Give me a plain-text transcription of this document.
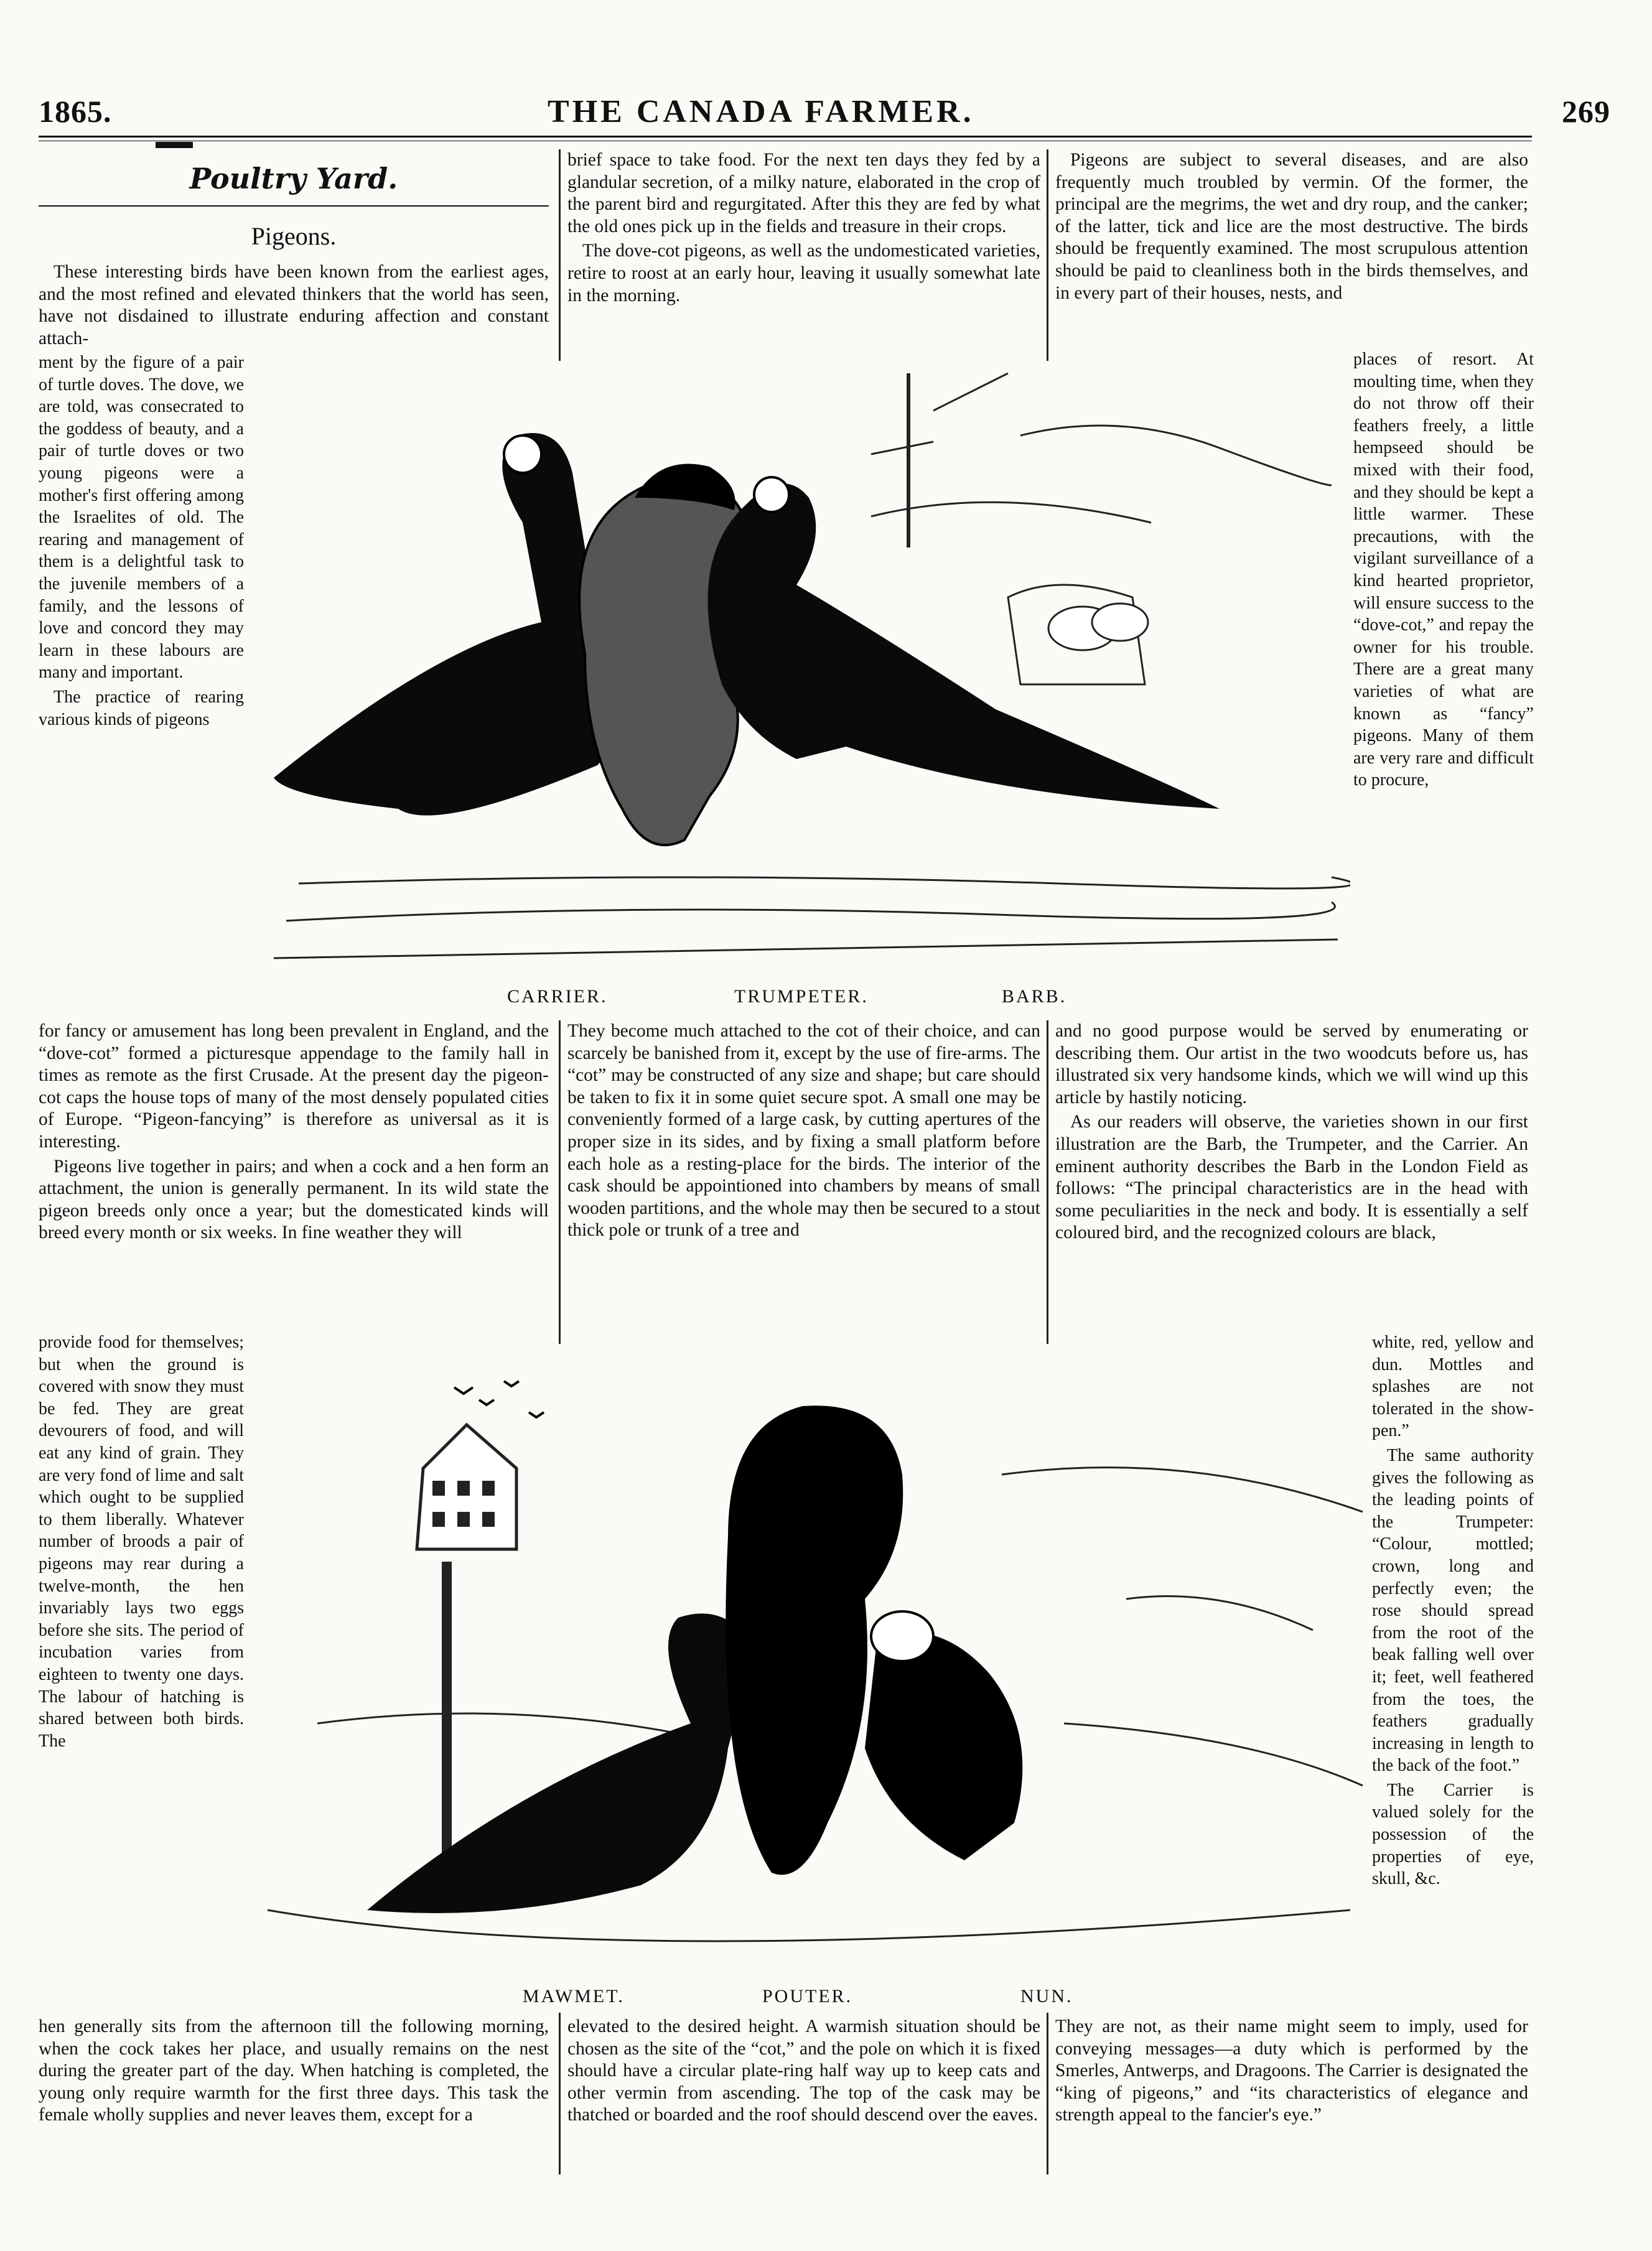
1865.	THE CANADA FARMER.	269
Poultry Yard.
Pigeons.

These interesting birds have been known from the earliest ages, and the most refined and elevated thinkers that the world has seen, have not disdained to illustrate enduring affection and constant attach-

ment by the figure of a pair of turtle doves. The dove, we are told, was consecrated to the goddess of beauty, and a pair of turtle doves or two young pigeons were a mother's first offering among the Israelites of old. The rearing and management of them is a delightful task to the juvenile members of a family, and the lessons of love and concord they may learn in these labours are many and important.

The practice of rearing various kinds of pigeons

for fancy or amusement has long been prevalent in England, and the “dove-cot” formed a picturesque appendage to the family hall in times as remote as the first Crusade. At the present day the pigeon-cot caps the house tops of many of the most densely populated cities of Europe. “Pigeon-fancying” is therefore as universal as it is interesting.

Pigeons live together in pairs; and when a cock and a hen form an attachment, the union is generally permanent. In its wild state the pigeon breeds only once a year; but the domesticated kinds will breed every month or six weeks. In fine weather they will

provide food for themselves; but when the ground is covered with snow they must be fed. They are great devourers of food, and will eat any kind of grain. They are very fond of lime and salt which ought to be supplied to them liberally. Whatever number of broods a pair of pigeons may rear during a twelve-month, the hen invariably lays two eggs before she sits. The period of incubation varies from eighteen to twenty one days. The labour of hatching is shared between both birds. The

hen generally sits from the afternoon till the following morning, when the cock takes her place, and usually remains on the nest during the greater part of the day. When hatching is completed, the young only require warmth for the first three days. This task the female wholly supplies and never leaves them, except for a

brief space to take food. For the next ten days they fed by a glandular secretion, of a milky nature, elaborated in the crop of the parent bird and regurgitated. After this they are fed by what the old ones pick up in the fields and treasure in their crops.

The dove-cot pigeons, as well as the undomesticated varieties, retire to roost at an early hour, leaving it usually somewhat late in the morning.

They become much attached to the cot of their choice, and can scarcely be banished from it, except by the use of fire-arms. The “cot” may be constructed of any size and shape; but care should be taken to fix it in some quiet secure spot. A small one may be conveniently formed of a large cask, by cutting apertures of the proper size in its sides, and by fixing a small platform before each hole as a resting-place for the birds. The interior of the cask should be appointioned into chambers by means of small wooden partitions, and the whole may then be secured to a stout thick pole or trunk of a tree and

elevated to the desired height. A warmish situation should be chosen as the site of the “cot,” and the pole on which it is fixed should have a circular plate-ring half way up to keep cats and other vermin from ascending. The top of the cask may be thatched or boarded and the roof should descend over the eaves.

Pigeons are subject to several diseases, and are also frequently much troubled by vermin. Of the former, the principal are the megrims, the wet and dry roup, and the canker; of the latter, tick and lice are the most destructive. The birds should be frequently examined. The most scrupulous attention should be paid to cleanliness both in the birds themselves, and in every part of their houses, nests, and

places of resort. At moulting time, when they do not throw off their feathers freely, a little hempseed should be mixed with their food, and they should be kept a little warmer. These precautions, with the vigilant surveillance of a kind hearted proprietor, will ensure success to the “dove-cot,” and repay the owner for his trouble. There are a great many varieties of what are known as “fancy” pigeons. Many of them are very rare and difficult to procure,

and no good purpose would be served by enumerating or describing them. Our artist in the two woodcuts before us, has illustrated six very handsome kinds, which we will wind up this article by hastily noticing.

As our readers will observe, the varieties shown in our first illustration are the Barb, the Trumpeter, and the Carrier. An eminent authority describes the Barb in the London Field as follows: “The principal characteristics are in the head with some peculiarities in the neck and body. It is essentially a self coloured bird, and the recognized colours are black,

white, red, yellow and dun. Mottles and splashes are not tolerated in the show-pen.”

The same authority gives the following as the leading points of the Trumpeter: “Colour, mottled; crown, long and perfectly even; the rose should spread from the root of the beak falling well over it; feet, well feathered from the toes, the feathers gradually increasing in length to the back of the foot.”

The Carrier is valued solely for the possession of the properties of eye, skull, &c.

They are not, as their name might seem to imply, used for conveying messages—a duty which is performed by the Smerles, Antwerps, and Dragoons. The Carrier is designated the “king of pigeons,” and “its characteristics of elegance and strength appeal to the fancier's eye.”

CARRIER.	TRUMPETER.	BARB.
MAWMET.	POUTER.	NUN.
